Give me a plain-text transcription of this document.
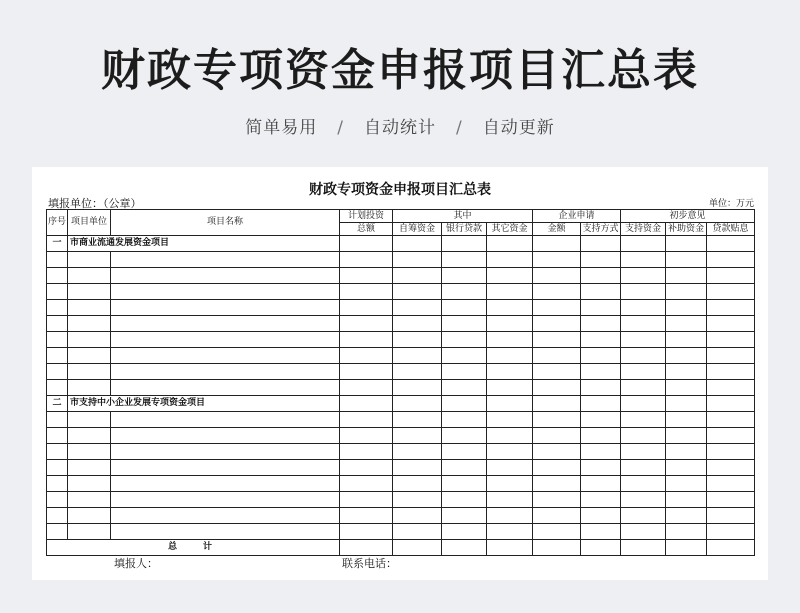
财政专项资金申报项目汇总表
简单易用 / 自动统计 / 自动更新
财政专项资金申报项目汇总表
填报单位：（公章）	单位：万元
序号	项目单位	项目名称	计划投资	其中			企业申请		初步意见		
			总额	自筹资金	银行贷款	其它资金	金额	支持方式	支持资金	补助资金	贷款贴息
一	市商业流通发展资金项目										

二	市支持中小企业发展专项资金项目										

总计											
填报人：	联系电话：
